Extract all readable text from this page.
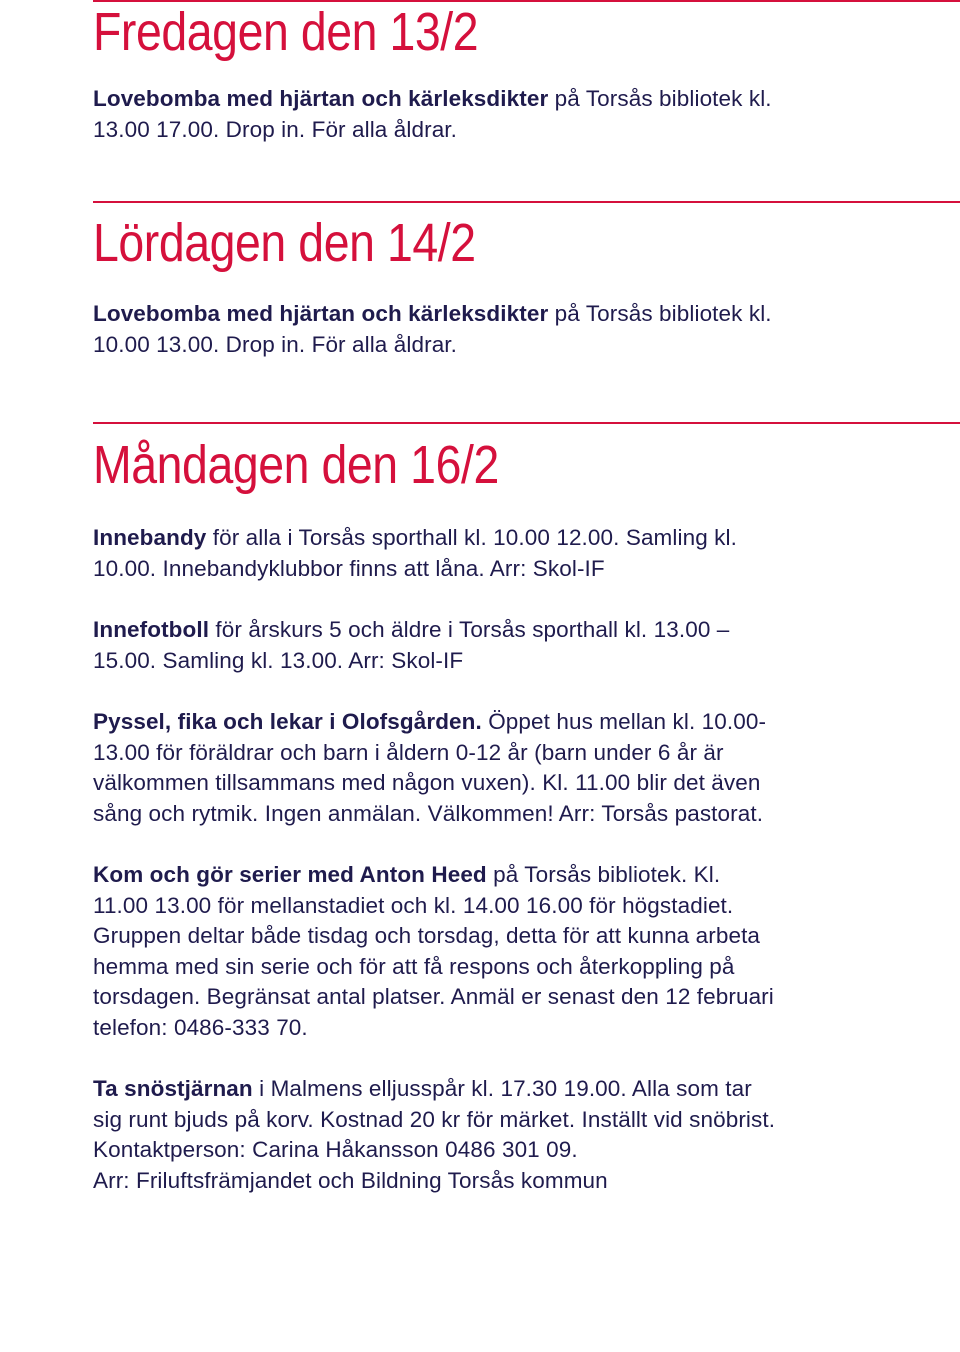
Fredagen den 13/2
Lovebomba med hjärtan och kärleksdikter på Torsås bibliotek kl.
13.00 17.00. Drop in. För alla åldrar.
Lördagen den 14/2
Lovebomba med hjärtan och kärleksdikter på Torsås bibliotek kl.
10.00 13.00. Drop in. För alla åldrar.
Måndagen den 16/2
Innebandy för alla i Torsås sporthall kl. 10.00 12.00. Samling kl.
10.00. Innebandyklubbor finns att låna. Arr: Skol-IF
Innefotboll för årskurs 5 och äldre i Torsås sporthall kl. 13.00 –
15.00. Samling kl. 13.00. Arr: Skol-IF
Pyssel, fika och lekar i Olofsgården. Öppet hus mellan kl. 10.00-
13.00 för föräldrar och barn i åldern 0-12 år (barn under 6 år är
välkommen tillsammans med någon vuxen). Kl. 11.00 blir det även
sång och rytmik. Ingen anmälan. Välkommen! Arr: Torsås pastorat.
Kom och gör serier med Anton Heed på Torsås bibliotek. Kl.
11.00 13.00 för mellanstadiet och kl. 14.00 16.00 för högstadiet.
Gruppen deltar både tisdag och torsdag, detta för att kunna arbeta
hemma med sin serie och för att få respons och återkoppling på
torsdagen. Begränsat antal platser. Anmäl er senast den 12 februari
telefon: 0486-333 70.
Ta snöstjärnan i Malmens elljusspår kl. 17.30 19.00. Alla som tar
sig runt bjuds på korv. Kostnad 20 kr för märket. Inställt vid snöbrist.
Kontaktperson: Carina Håkansson 0486 301 09.
Arr: Friluftsfrämjandet och Bildning Torsås kommun
